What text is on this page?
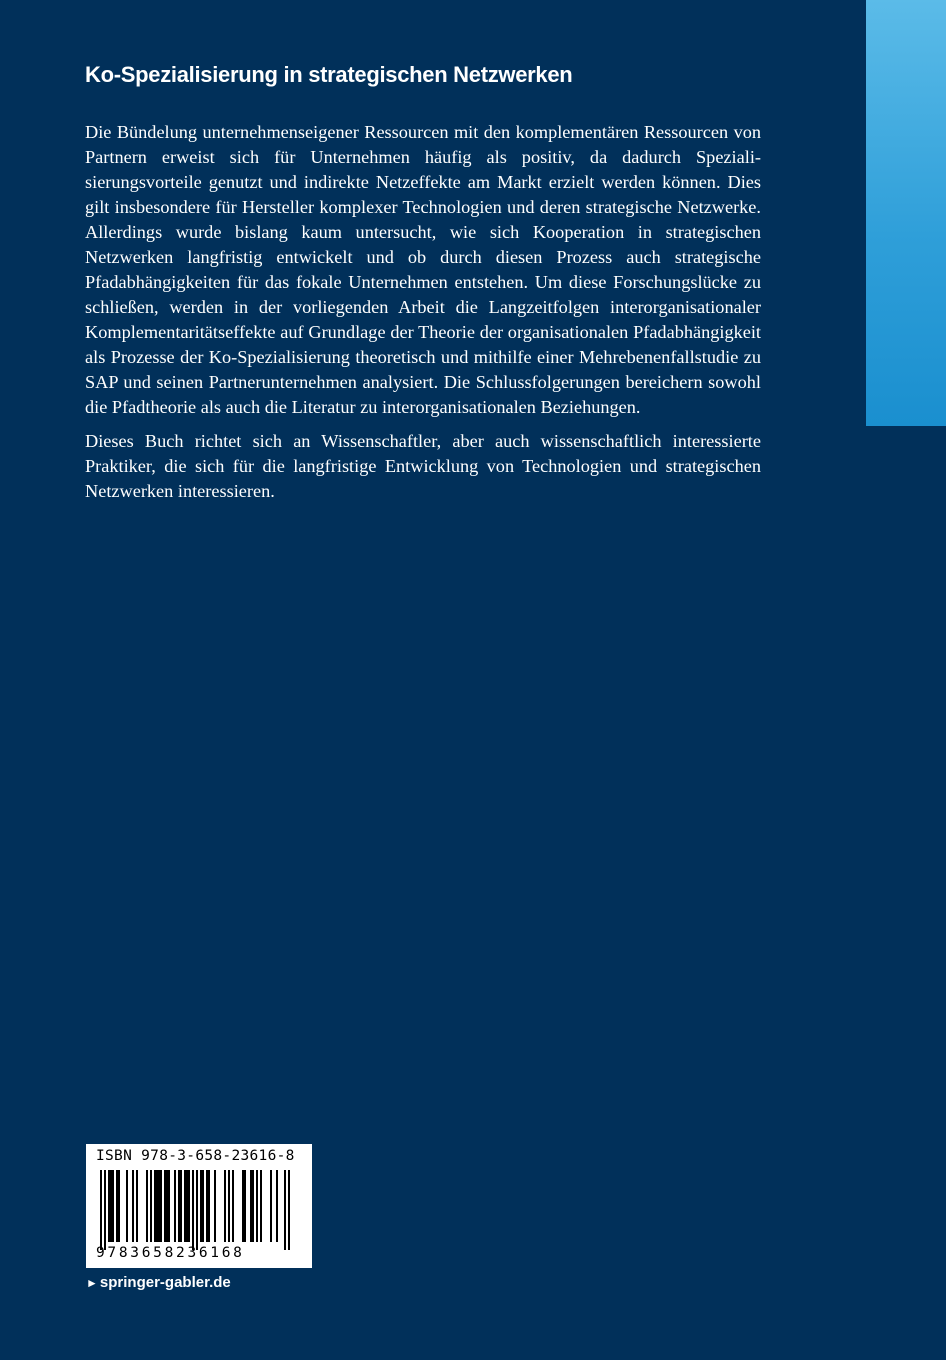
Ko-Spezialisierung in strategischen Netzwerken

Die Bündelung unternehmenseigener Ressourcen mit den komplementären Ressourcen von Partnern erweist sich für Unternehmen häufig als positiv, da dadurch Spezialisierungsvorteile genutzt und indirekte Netzeffekte am Markt erzielt werden können. Dies gilt insbesondere für Hersteller komplexer Technologien und deren strategische Netzwerke. Allerdings wurde bislang kaum untersucht, wie sich Kooperation in strategischen Netzwerken langfristig entwickelt und ob durch diesen Prozess auch strategische Pfadabhängigkeiten für das fokale Unternehmen entstehen. Um diese Forschungslücke zu schließen, werden in der vorliegenden Arbeit die Langzeitfolgen interorganisationaler Komplementaritätseffekte auf Grundlage der Theorie der organisationalen Pfadabhängigkeit als Prozesse der Ko-Spezialisierung theoretisch und mithilfe einer Mehrebenenfallstudie zu SAP und seinen Partnerunternehmen analysiert. Die Schlussfolgerungen bereichern sowohl die Pfadtheorie als auch die Literatur zu interorganisationalen Beziehungen.

Dieses Buch richtet sich an Wissenschaftler, aber auch wissenschaftlich interessierte Praktiker, die sich für die langfristige Entwicklung von Technologien und strategischen Netzwerken interessieren.

ISBN 978-3-658-23616-8
9783658236168
► springer-gabler.de
